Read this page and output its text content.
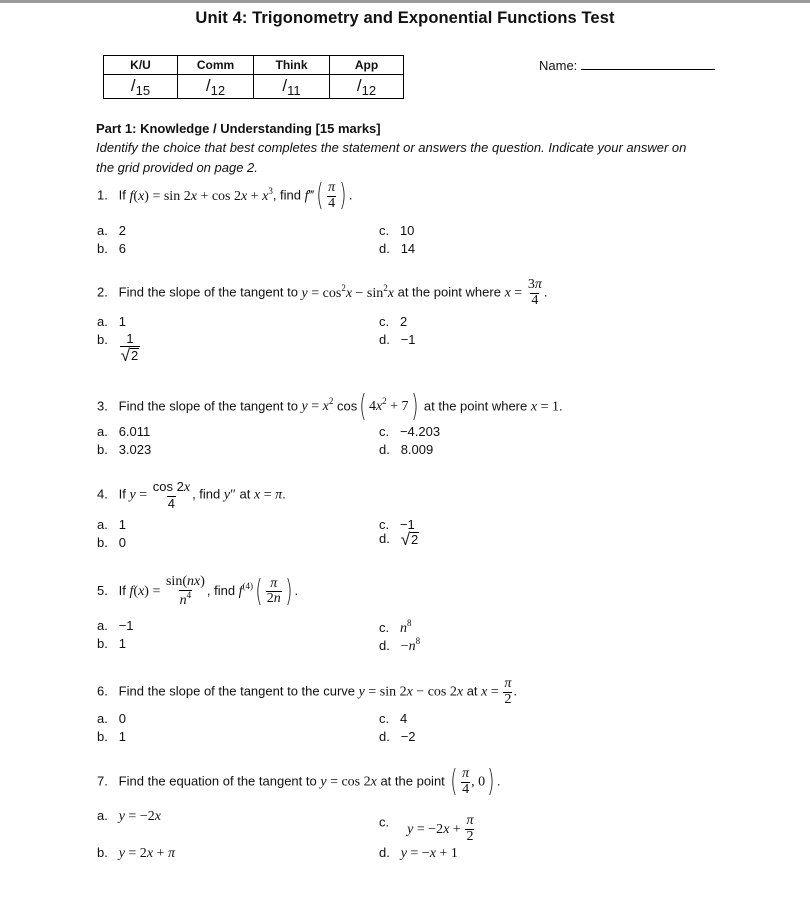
Unit 4: Trigonometry and Exponential Functions Test
K/U	Comm	Think	App
$/_{15}$	$/_{12}$	$/_{11}$	$/_{12}$
Name:
Part 1: Knowledge / Understanding [15 marks]
Identify the choice that best completes the statement or answers the question. Indicate your answer on
the grid provided on page 2.
1.   If $f(x) = \sin 2x + \cos 2x + x^3$, find f‴( $\frac{\pi}{4}$ ) .
a.   2
b.   6
c.   10
d.   14
2.   Find the slope of the tangent to $y = \cos^2x - \sin^2x$ at the point where $x = \frac{3\pi}{4}$ .
a.   1
b. $\frac{1}{√ 2}$
c.   2
d.   −1
3.   Find the slope of the tangent to $y = x^2$ cos( $4x^2 + 7$) at the point where x = 1.
a.   6.011
b.   3.023
c.   −4.203
d.   8.009
4.   If $y = \frac{\cos 2x}{4}$ , find y″ at x = π.
a.   1
b.   0
c.   −1
d. √ 2
5.   If $f(x) = \frac{\sin(nx)}{n^4}$ , find $f^{(4)}( \frac{\pi}{2n}$ ) .
a.   −1
b.   1
c.   $n^8$
d.   $-n^8$
6.   Find the slope of the tangent to the curve y = sin 2x − cos 2x at $x = \frac{\pi}{2}$ .
a.   0
b.   1
c.   4
d.   −2
7.   Find the equation of the tangent to y = cos 2x at the point ( $\frac{\pi}{4}$ , 0) .
a.   y = −2x
b.   y = 2x + π
c.     $y = -2x + \frac{\pi}{2}$
d.   y = −x + 1
